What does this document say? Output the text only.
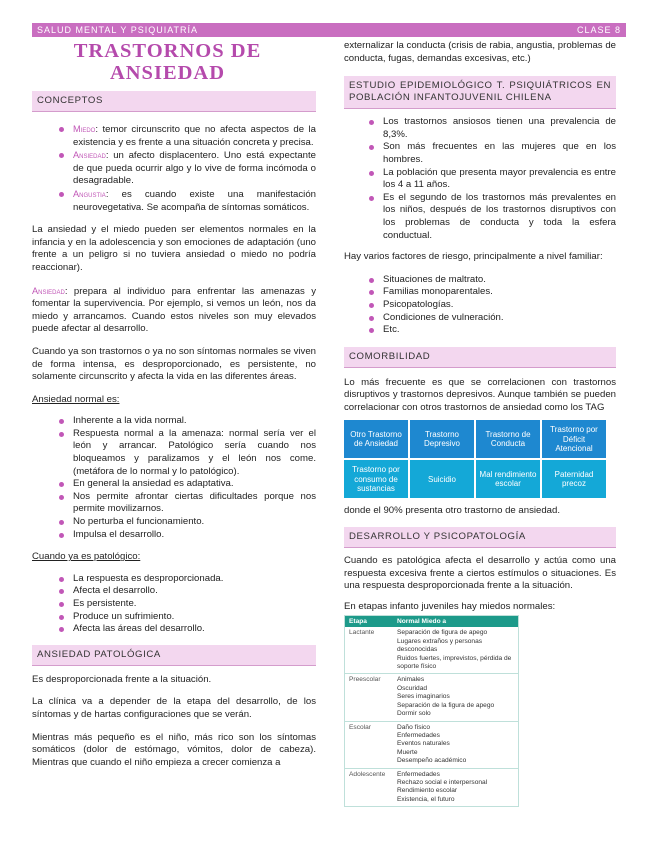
SALUD MENTAL Y PSIQUIATRÍA	CLASE 8
TRASTORNOS DE
ANSIEDAD
CONCEPTOS
Miedo: temor circunscrito que no afecta aspectos de la existencia y es frente a una situación concreta y precisa.
Ansiedad: un afecto displacentero. Uno está expectante de que pueda ocurrir algo y lo vive de forma incómoda o desagradable.
Angustia: es cuando existe una manifestación neurovegetativa. Se acompaña de síntomas somáticos.

La ansiedad y el miedo pueden ser elementos normales en la infancia y en la adolescencia y son emociones de adaptación (uno frente a un peligro si no tuviera ansiedad o miedo no podría reaccionar).

Ansiedad: prepara al individuo para enfrentar las amenazas y fomentar la supervivencia. Por ejemplo, si vemos un león, nos da miedo y arrancamos. Cuando estos niveles son muy elevados puede afectar al desarrollo.

Cuando ya son trastornos o ya no son síntomas normales se viven de forma intensa, es desproporcionado, es persistente, no solamente circunscrito y afecta la vida en las diferentes áreas.

Ansiedad normal es:

Inherente a la vida normal.
Respuesta normal a la amenaza: normal sería ver el león y arrancar. Patológico sería cuando nos bloqueamos y paralizamos y el león nos come. (metáfora de lo normal y lo patológico).
En general la ansiedad es adaptativa.
Nos permite afrontar ciertas dificultades porque nos permite movilizarnos.
No perturba el funcionamiento.
Impulsa el desarrollo.

Cuando ya es patológico:

La respuesta es desproporcionada.
Afecta el desarrollo.
Es persistente.
Produce un sufrimiento.
Afecta las áreas del desarrollo.
ANSIEDAD PATOLÓGICA

Es desproporcionada frente a la situación.

La clínica va a depender de la etapa del desarrollo, de los síntomas y de hartas configuraciones que se verán.

Mientras más pequeño es el niño, más rico son los síntomas somáticos (dolor de estómago, vómitos, dolor de cabeza). Mientras que cuando el niño empieza a crecer comienza a

externalizar la conducta (crisis de rabia, angustia, problemas de conducta, fugas, demandas excesivas, etc.)

ESTUDIO EPIDEMIOLÓGICO T. PSIQUIÁTRICOS EN POBLACIÓN INFANTOJUVENIL CHILENA
Los trastornos ansiosos tienen una prevalencia de 8,3%.
Son más frecuentes en las mujeres que en los hombres.
La población que presenta mayor prevalencia es entre los 4 a 11 años.
Es el segundo de los trastornos más prevalentes en los niños, después de los trastornos disruptivos con los problemas de conducta y toda la esfera conductual.

Hay varios factores de riesgo, principalmente a nivel familiar:

Situaciones de maltrato.
Familias monoparentales.
Psicopatologías.
Condiciones de vulneración.
Etc.
COMORBILIDAD

Lo más frecuente es que se correlacionen con trastornos disruptivos y trastornos depresivos. Aunque también se pueden correlacionar con otros trastornos de ansiedad como los TAG

Otro Trastorno de Ansiedad
Trastorno Depresivo
Trastorno de Conducta
Trastorno por Déficit Atencional
Trastorno por consumo de sustancias
Suicidio
Mal rendimiento escolar
Paternidad precoz

donde el 90% presenta otro trastorno de ansiedad.

DESARROLLO Y PSICOPATOLOGÍA

Cuando es patológica afecta el desarrollo y actúa como una respuesta excesiva frente a ciertos estímulos o situaciones. Es una respuesta desproporcionada frente a la situación.

En etapas infanto juveniles hay miedos normales:

Etapa	Normal Miedo a
Lactante	Separación de figura de apego
Lugares extraños y personas desconocidas
Ruidos fuertes, imprevistos, pérdida de soporte físico

Preescolar	Animales
Oscuridad
Seres imaginarios
Separación de la figura de apego
Dormir solo

Escolar	Daño físico
Enfermedades
Eventos naturales
Muerte
Desempeño académico

Adolescente	Enfermedades
Rechazo social e interpersonal
Rendimiento escolar
Existencia, el futuro
